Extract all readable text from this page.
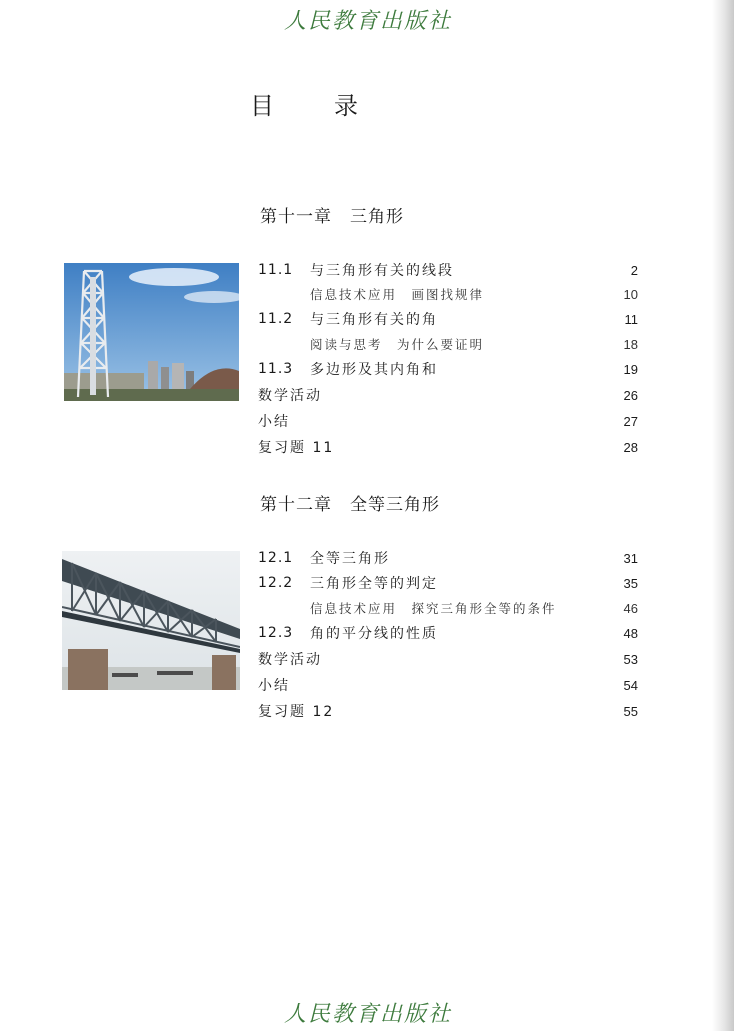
人民教育出版社
目录
第十一章 三角形
11.1	与三角形有关的线段	2
信息技术应用　画图找规律	10
11.2	与三角形有关的角	11
阅读与思考　为什么要证明	18
11.3	多边形及其内角和	19
数学活动	26
小结	27
复习题 11	28
第十二章 全等三角形
12.1	全等三角形	31
12.2	三角形全等的判定	35
信息技术应用　探究三角形全等的条件	46
12.3	角的平分线的性质	48
数学活动	53
小结	54
复习题 12	55
人民教育出版社
